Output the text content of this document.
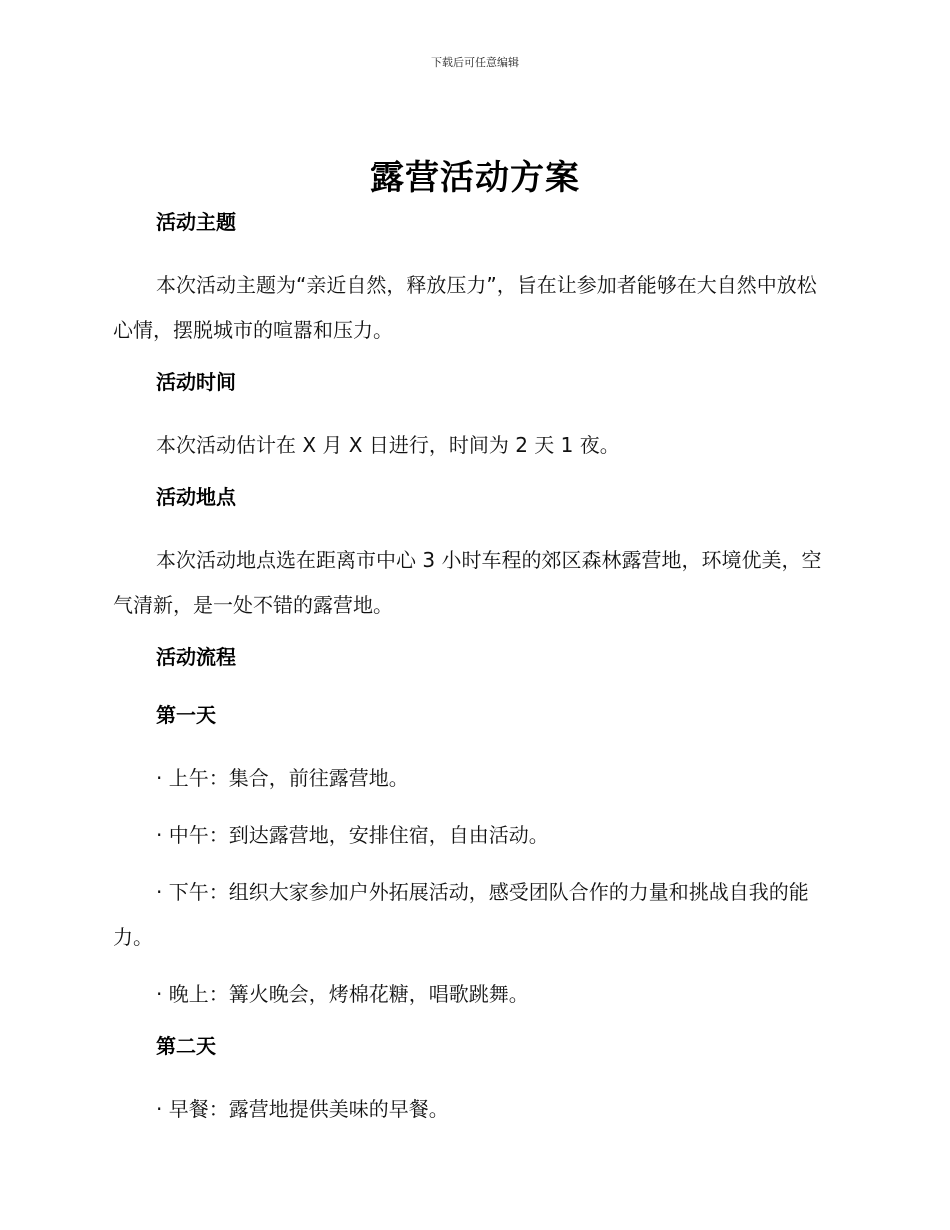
下载后可任意编辑
露营活动方案
活动主题

本次活动主题为“亲近自然，释放压力”，旨在让参加者能够在大自然中放松心情，摆脱城市的喧嚣和压力。

活动时间

本次活动估计在 X 月 X 日进行，时间为 2 天 1 夜。

活动地点

本次活动地点选在距离市中心 3 小时车程的郊区森林露营地，环境优美，空气清新，是一处不错的露营地。

活动流程
第一天

· 上午：集合，前往露营地。

· 中午：到达露营地，安排住宿，自由活动。

· 下午：组织大家参加户外拓展活动，感受团队合作的力量和挑战自我的能力。

· 晚上：篝火晚会，烤棉花糖，唱歌跳舞。

第二天

· 早餐：露营地提供美味的早餐。
